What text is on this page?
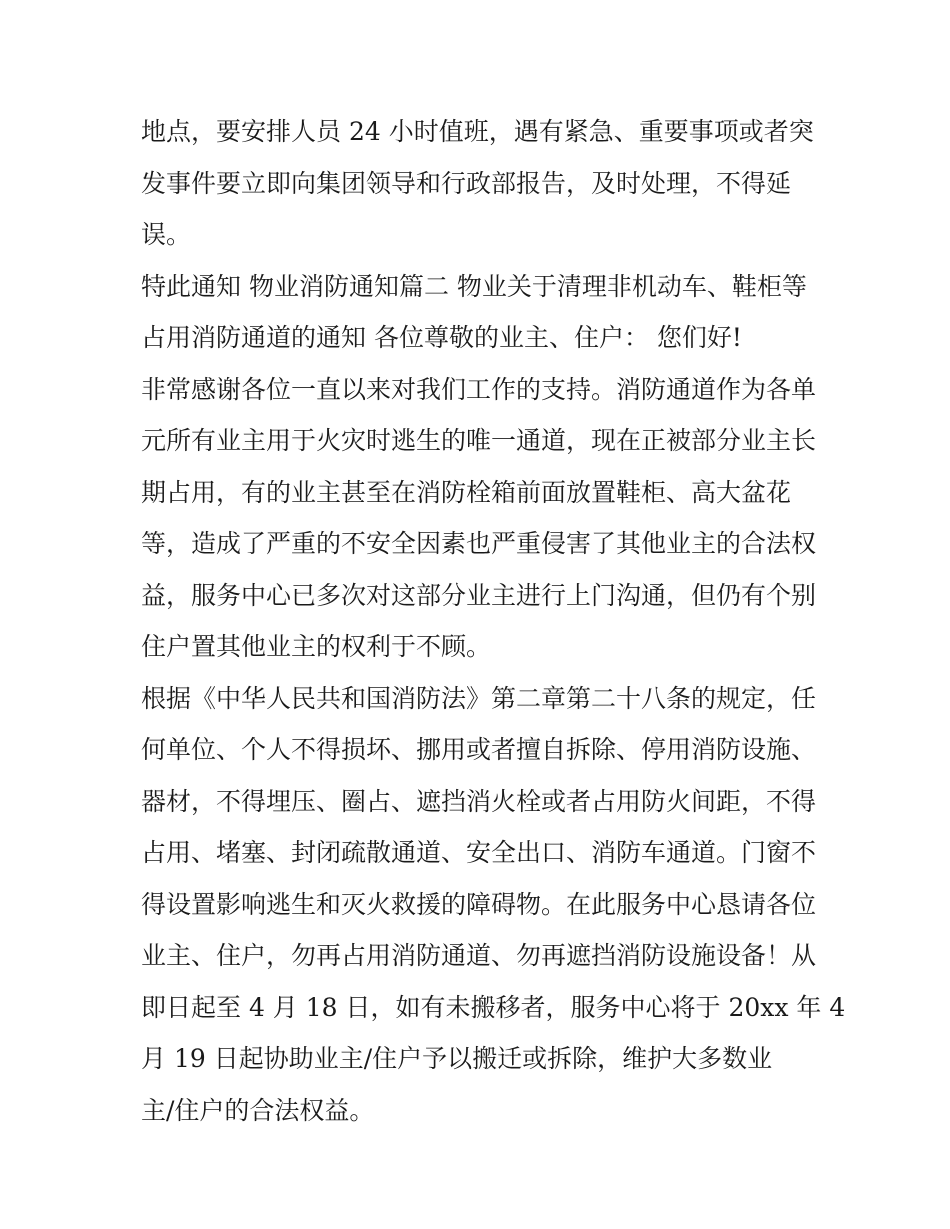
地点，要安排人员 24 小时值班，遇有紧急、重要事项或者突
发事件要立即向集团领导和行政部报告，及时处理，不得延
误。
特此通知 物业消防通知篇二 物业关于清理非机动车、鞋柜等
占用消防通道的通知 各位尊敬的业主、住户： 您们好!
非常感谢各位一直以来对我们工作的支持。消防通道作为各单
元所有业主用于火灾时逃生的唯一通道，现在正被部分业主长
期占用，有的业主甚至在消防栓箱前面放置鞋柜、高大盆花
等，造成了严重的不安全因素也严重侵害了其他业主的合法权
益，服务中心已多次对这部分业主进行上门沟通，但仍有个别
住户置其他业主的权利于不顾。
根据《中华人民共和国消防法》第二章第二十八条的规定，任
何单位、个人不得损坏、挪用或者擅自拆除、停用消防设施、
器材，不得埋压、圈占、遮挡消火栓或者占用防火间距，不得
占用、堵塞、封闭疏散通道、安全出口、消防车通道。门窗不
得设置影响逃生和灭火救援的障碍物。在此服务中心恳请各位
业主、住户，勿再占用消防通道、勿再遮挡消防设施设备！从
即日起至 4 月 18 日，如有未搬移者，服务中心将于 20xx 年 4
月 19 日起协助业主/住户予以搬迁或拆除，维护大多数业
主/住户的合法权益。
